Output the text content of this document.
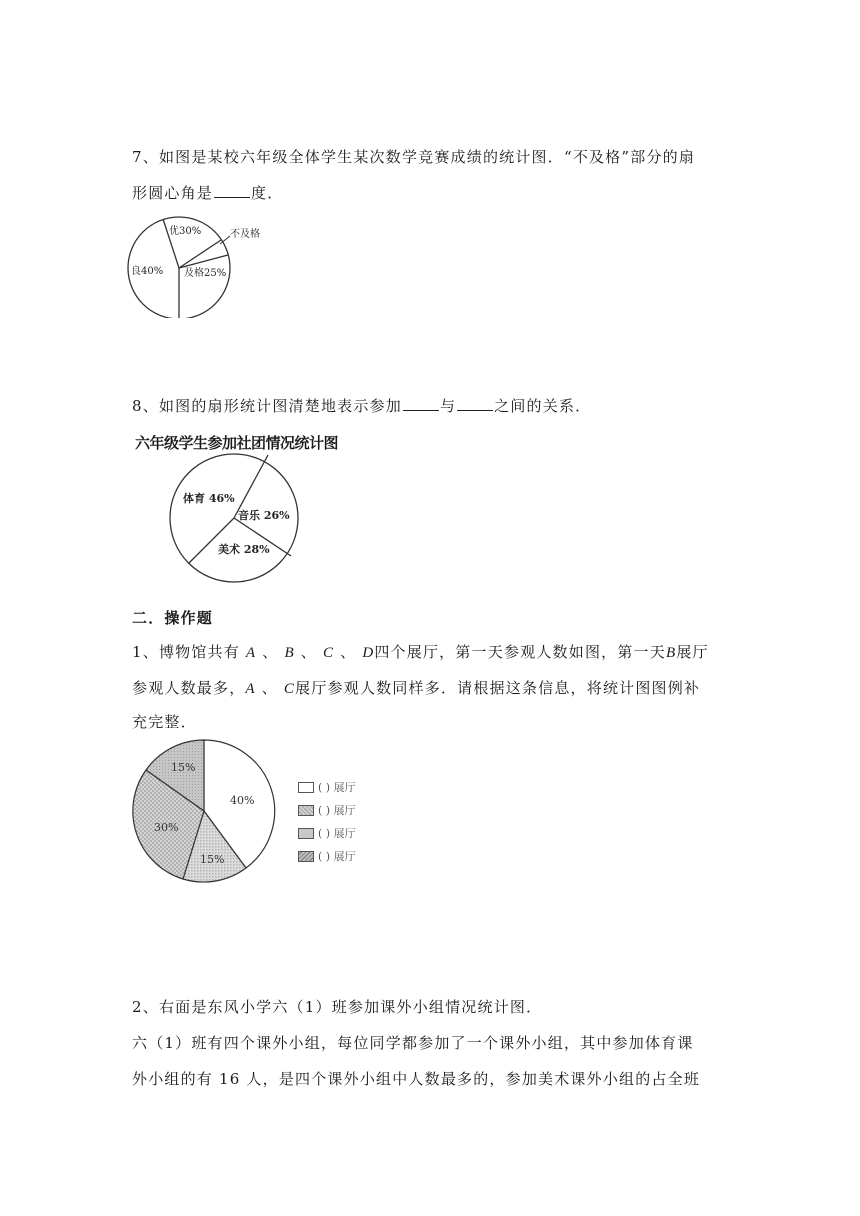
7、如图是某校六年级全体学生某次数学竞赛成绩的统计图．“不及格”部分的扇
形圆心角是	度．
优30%
良40% 及格25%
不及格
8、如图的扇形统计图清楚地表示参加	与	之间的关系．
六年级学生参加社团情况统计图
体育 46%
音乐 26%
美术 28%
二．操作题
1、博物馆共有 A 、 B 、 C 、 D四个展厅，第一天参观人数如图，第一天B展厅
参观人数最多，A 、 C展厅参观人数同样多．请根据这条信息，将统计图图例补
充完整．
40%
15%
30%
15%
( ) 展厅
( ) 展厅
( ) 展厅
( ) 展厅
2、右面是东风小学六（1）班参加课外小组情况统计图．
六（1）班有四个课外小组，每位同学都参加了一个课外小组，其中参加体育课
外小组的有 16 人，是四个课外小组中人数最多的，参加美术课外小组的占全班
